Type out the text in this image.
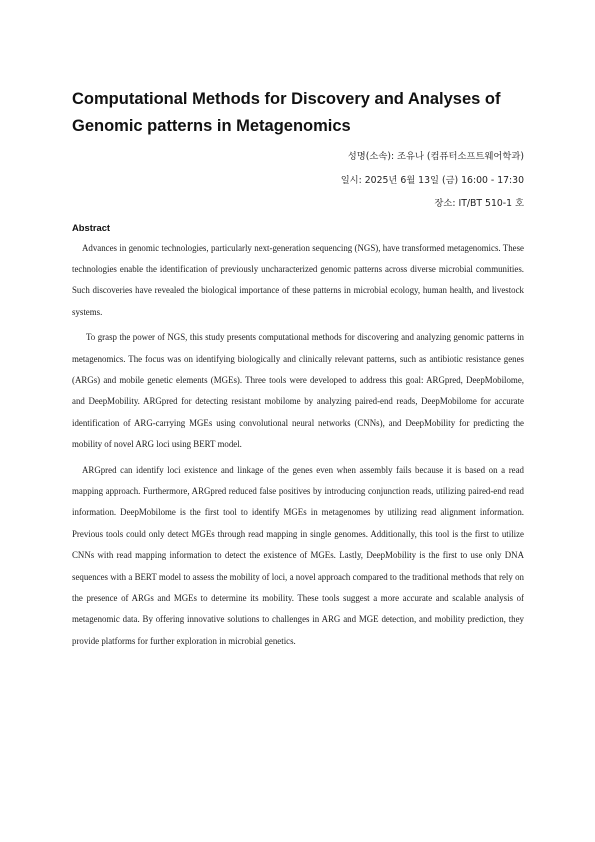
Computational Methods for Discovery and Analyses of
Genomic patterns in Metagenomics
성명(소속): 조유나 (컴퓨터소프트웨어학과)
일시: 2025년 6월 13일 (금) 16:00 - 17:30
장소: IT/BT 510-1 호
Abstract

Advances in genomic technologies, particularly next-generation sequencing (NGS), have transformed metagenomics. These technologies enable the identification of previously uncharacterized genomic patterns across diverse microbial communities. Such discoveries have revealed the biological importance of these patterns in microbial ecology, human health, and livestock systems.

To grasp the power of NGS, this study presents computational methods for discovering and analyzing genomic patterns in metagenomics. The focus was on identifying biologically and clinically relevant patterns, such as antibiotic resistance genes (ARGs) and mobile genetic elements (MGEs). Three tools were developed to address this goal: ARGpred, DeepMobilome, and DeepMobility. ARGpred for detecting resistant mobilome by analyzing paired-end reads, DeepMobilome for accurate identification of ARG-carrying MGEs using convolutional neural networks (CNNs), and DeepMobility for predicting the mobility of novel ARG loci using BERT model.

ARGpred can identify loci existence and linkage of the genes even when assembly fails because it is based on a read mapping approach. Furthermore, ARGpred reduced false positives by introducing conjunction reads, utilizing paired-end read information. DeepMobilome is the first tool to identify MGEs in metagenomes by utilizing read alignment information. Previous tools could only detect MGEs through read mapping in single genomes. Additionally, this tool is the first to utilize CNNs with read mapping information to detect the existence of MGEs. Lastly, DeepMobility is the first to use only DNA sequences with a BERT model to assess the mobility of loci, a novel approach compared to the traditional methods that rely on the presence of ARGs and MGEs to determine its mobility. These tools suggest a more accurate and scalable analysis of metagenomic data. By offering innovative solutions to challenges in ARG and MGE detection, and mobility prediction, they provide platforms for further exploration in microbial genetics.
